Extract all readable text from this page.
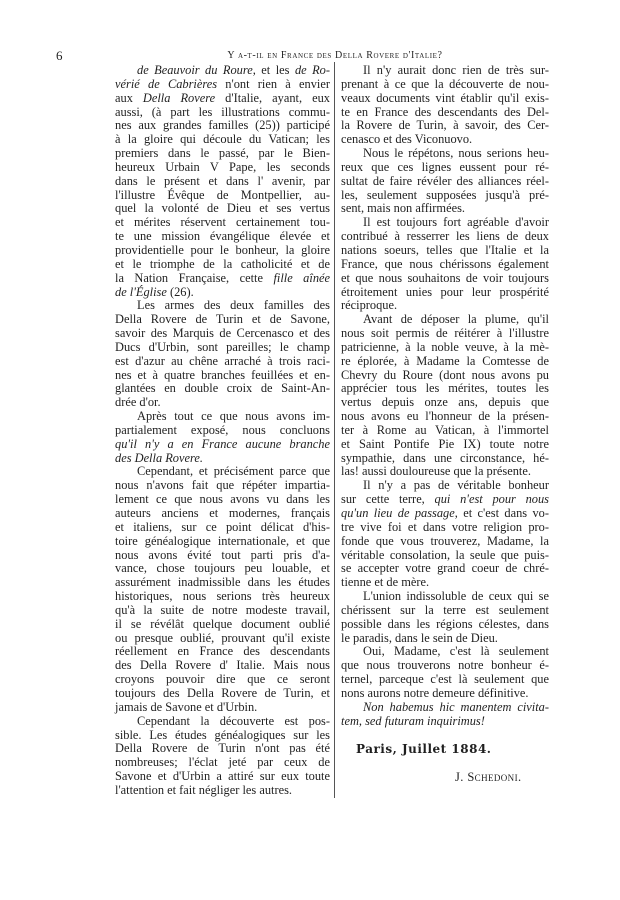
6	Y a-t-il en France des Della Rovere d'Italie?
de Beauvoir du Roure, et les de Ro-
vérié de Cabrières n'ont rien à envier
aux Della Rovere d'Italie, ayant, eux
aussi, (à part les illustrations commu-
nes aux grandes familles (25)) participé
à la gloire qui découle du Vatican; les
premiers dans le passé, par le Bien-
heureux Urbain V Pape, les seconds
dans le présent et dans l' avenir, par
l'illustre Évêque de Montpellier, au-
quel la volonté de Dieu et ses vertus
et mérites réservent certainement tou-
te une mission évangélique élevée et
providentielle pour le bonheur, la gloire
et le triomphe de la catholicité et de
la Nation Française, cette fille aînée
de l'Église (26).
Les armes des deux familles des
Della Rovere de Turin et de Savone,
savoir des Marquis de Cercenasco et des
Ducs d'Urbin, sont pareilles; le champ
est d'azur au chêne arraché à trois raci-
nes et à quatre branches feuillées et en-
glantées en double croix de Saint-An-
drée d'or.
Après tout ce que nous avons im-
partialement exposé, nous concluons
qu'il n'y a en France aucune branche
des Della Rovere.
Cependant, et précisément parce que
nous n'avons fait que répéter impartia-
lement ce que nous avons vu dans les
auteurs anciens et modernes, français
et italiens, sur ce point délicat d'his-
toire généalogique internationale, et que
nous avons évité tout parti pris d'a-
vance, chose toujours peu louable, et
assurément inadmissible dans les études
historiques, nous serions très heureux
qu'à la suite de notre modeste travail,
il se révélât quelque document oublié
ou presque oublié, prouvant qu'il existe
réellement en France des descendants
des Della Rovere d' Italie. Mais nous
croyons pouvoir dire que ce seront
toujours des Della Rovere de Turin, et
jamais de Savone et d'Urbin.
Cependant la découverte est pos-
sible. Les études généalogiques sur les
Della Rovere de Turin n'ont pas été
nombreuses; l'éclat jeté par ceux de
Savone et d'Urbin a attiré sur eux toute
l'attention et fait négliger les autres.
Il n'y aurait donc rien de très sur-
prenant à ce que la découverte de nou-
veaux documents vint établir qu'il exis-
te en France des descendants des Del-
la Rovere de Turin, à savoir, des Cer-
cenasco et des Viconuovo.
Nous le répétons, nous serions heu-
reux que ces lignes eussent pour ré-
sultat de faire révéler des alliances réel-
les, seulement supposées jusqu'à pré-
sent, mais non affirmées.
Il est toujours fort agréable d'avoir
contribué à resserrer les liens de deux
nations soeurs, telles que l'Italie et la
France, que nous chérissons également
et que nous souhaitons de voir toujours
étroitement unies pour leur prospérité
réciproque.
Avant de déposer la plume, qu'il
nous soit permis de réitérer à l'illustre
patricienne, à la noble veuve, à la mè-
re éplorée, à Madame la Comtesse de
Chevry du Roure (dont nous avons pu
apprécier tous les mérites, toutes les
vertus depuis onze ans, depuis que
nous avons eu l'honneur de la présen-
ter à Rome au Vatican, à l'immortel
et Saint Pontife Pie IX) toute notre
sympathie, dans une circonstance, hé-
las! aussi douloureuse que la présente.
Il n'y a pas de véritable bonheur
sur cette terre, qui n'est pour nous
qu'un lieu de passage, et c'est dans vo-
tre vive foi et dans votre religion pro-
fonde que vous trouverez, Madame, la
véritable consolation, la seule que puis-
se accepter votre grand coeur de chré-
tienne et de mère.
L'union indissoluble de ceux qui se
chérissent sur la terre est seulement
possible dans les régions célestes, dans
le paradis, dans le sein de Dieu.
Oui, Madame, c'est là seulement
que nous trouverons notre bonheur é-
ternel, parceque c'est là seulement que
nons aurons notre demeure définitive.
Non habemus hic manentem civita-
tem, sed futuram inquirimus!
Paris, Juillet 1884.
J. Schedoni.
